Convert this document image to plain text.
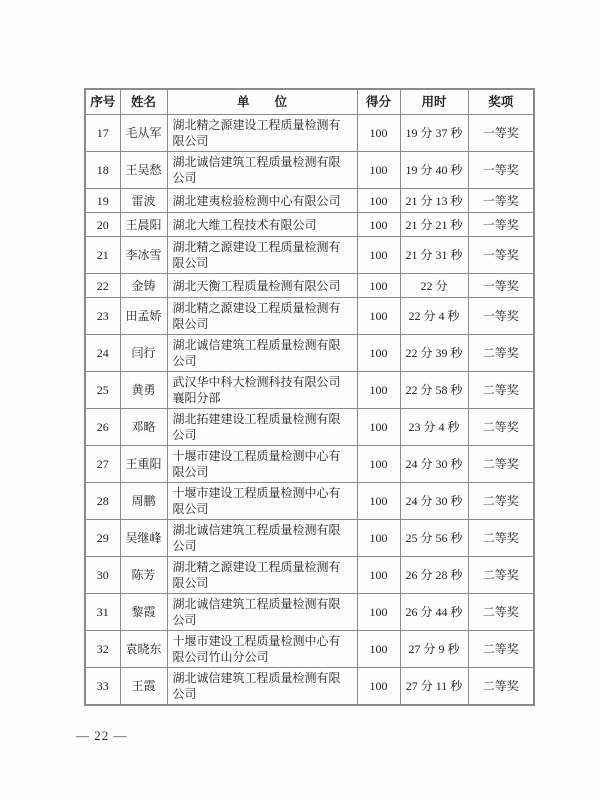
序号	姓名	单　　位	得分	用时	奖项
17	毛从军	湖北精之源建设工程质量检测有限公司	100	19 分 37 秒	一等奖
18	王吴愁	湖北诚信建筑工程质量检测有限公司	100	19 分 40 秒	一等奖
19	雷波	湖北建夷检验检测中心有限公司	100	21 分 13 秒	一等奖
20	王晨阳	湖北大维工程技术有限公司	100	21 分 21 秒	一等奖
21	李冰雪	湖北精之源建设工程质量检测有限公司	100	21 分 31 秒	一等奖
22	金铸	湖北天衡工程质量检测有限公司	100	22 分	一等奖
23	田孟娇	湖北精之源建设工程质量检测有限公司	100	22 分 4 秒	一等奖
24	闫行	湖北诚信建筑工程质量检测有限公司	100	22 分 39 秒	二等奖
25	黄勇	武汉华中科大检测科技有限公司襄阳分部	100	22 分 58 秒	二等奖
26	邓略	湖北拓建建设工程质量检测有限公司	100	23 分 4 秒	二等奖
27	王重阳	十堰市建设工程质量检测中心有限公司	100	24 分 30 秒	二等奖
28	周鹏	十堰市建设工程质量检测中心有限公司	100	24 分 30 秒	二等奖
29	吴继峰	湖北诚信建筑工程质量检测有限公司	100	25 分 56 秒	二等奖
30	陈芳	湖北精之源建设工程质量检测有限公司	100	26 分 28 秒	二等奖
31	黎霞	湖北诚信建筑工程质量检测有限公司	100	26 分 44 秒	二等奖
32	袁晓东	十堰市建设工程质量检测中心有限公司竹山分公司	100	27 分 9 秒	二等奖
33	王霞	湖北诚信建筑工程质量检测有限公司	100	27 分 11 秒	二等奖
— 22 —
